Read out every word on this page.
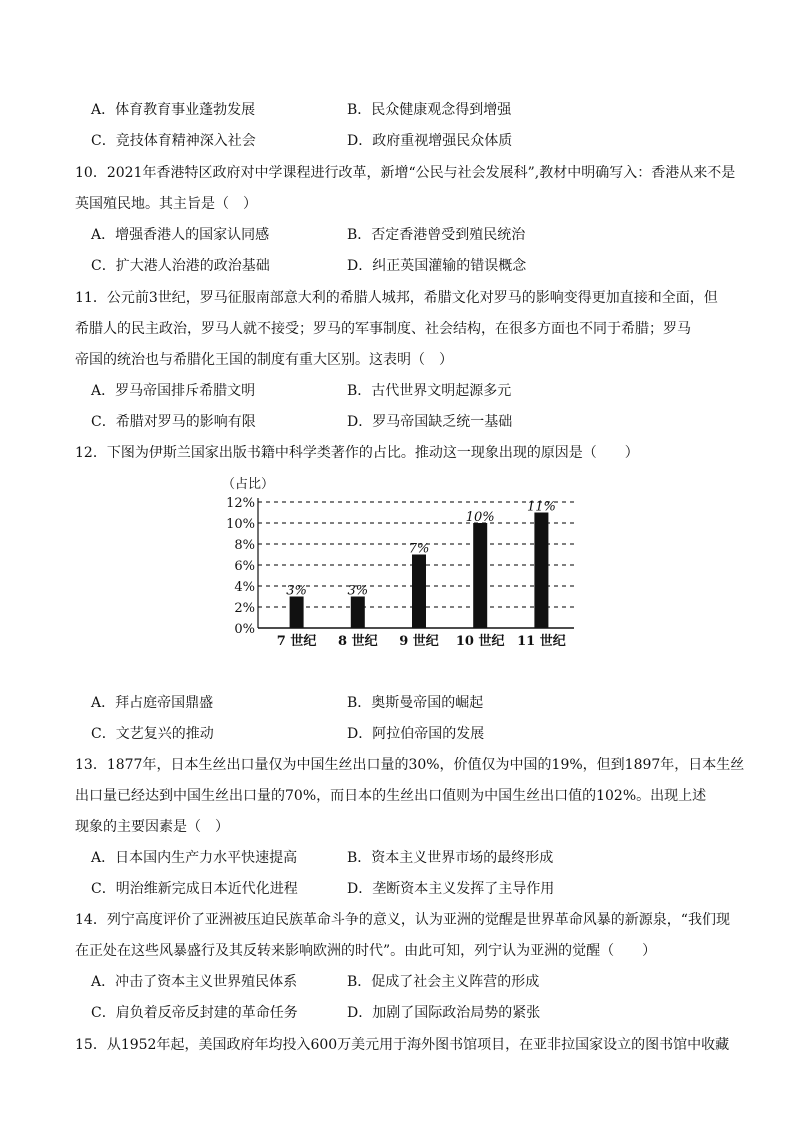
A．体育教育事业蓬勃发展	B．民众健康观念得到增强
C．竞技体育精神深入社会	D．政府重视增强民众体质
10．2021年香港特区政府对中学课程进行改革，新增“公民与社会发展科”,教材中明确写入：香港从来不是
英国殖民地。其主旨是（　）
A．增强香港人的国家认同感	B．否定香港曾受到殖民统治
C．扩大港人治港的政治基础	D．纠正英国灌输的错误概念
11．公元前3世纪，罗马征服南部意大利的希腊人城邦，希腊文化对罗马的影响变得更加直接和全面，但
希腊人的民主政治，罗马人就不接受；罗马的军事制度、社会结构，在很多方面也不同于希腊；罗马
帝国的统治也与希腊化王国的制度有重大区别。这表明（　）
A．罗马帝国排斥希腊文明	B．古代世界文明起源多元
C．希腊对罗马的影响有限	D．罗马帝国缺乏统一基础
12．下图为伊斯兰国家出版书籍中科学类著作的占比。推动这一现象出现的原因是（　　）
（占比）
12%
10%
8%
6%
4%
2%
0%
3%	3%
7%
10%
11%
7 世纪 8 世纪 9 世纪 10 世纪 11 世纪
A．拜占庭帝国鼎盛	B．奥斯曼帝国的崛起
C．文艺复兴的推动	D．阿拉伯帝国的发展
13．1877年，日本生丝出口量仅为中国生丝出口量的30%，价值仅为中国的19%，但到1897年，日本生丝
出口量已经达到中国生丝出口量的70%，而日本的生丝出口值则为中国生丝出口值的102%。出现上述
现象的主要因素是（　）
A．日本国内生产力水平快速提高	B．资本主义世界市场的最终形成
C．明治维新完成日本近代化进程	D．垄断资本主义发挥了主导作用
14．列宁高度评价了亚洲被压迫民族革命斗争的意义，认为亚洲的觉醒是世界革命风暴的新源泉，“我们现
在正处在这些风暴盛行及其反转来影响欧洲的时代”。由此可知，列宁认为亚洲的觉醒（　　）
A．冲击了资本主义世界殖民体系	B．促成了社会主义阵营的形成
C．肩负着反帝反封建的革命任务	D．加剧了国际政治局势的紧张
15．从1952年起，美国政府年均投入600万美元用于海外图书馆项目，在亚非拉国家设立的图书馆中收藏
